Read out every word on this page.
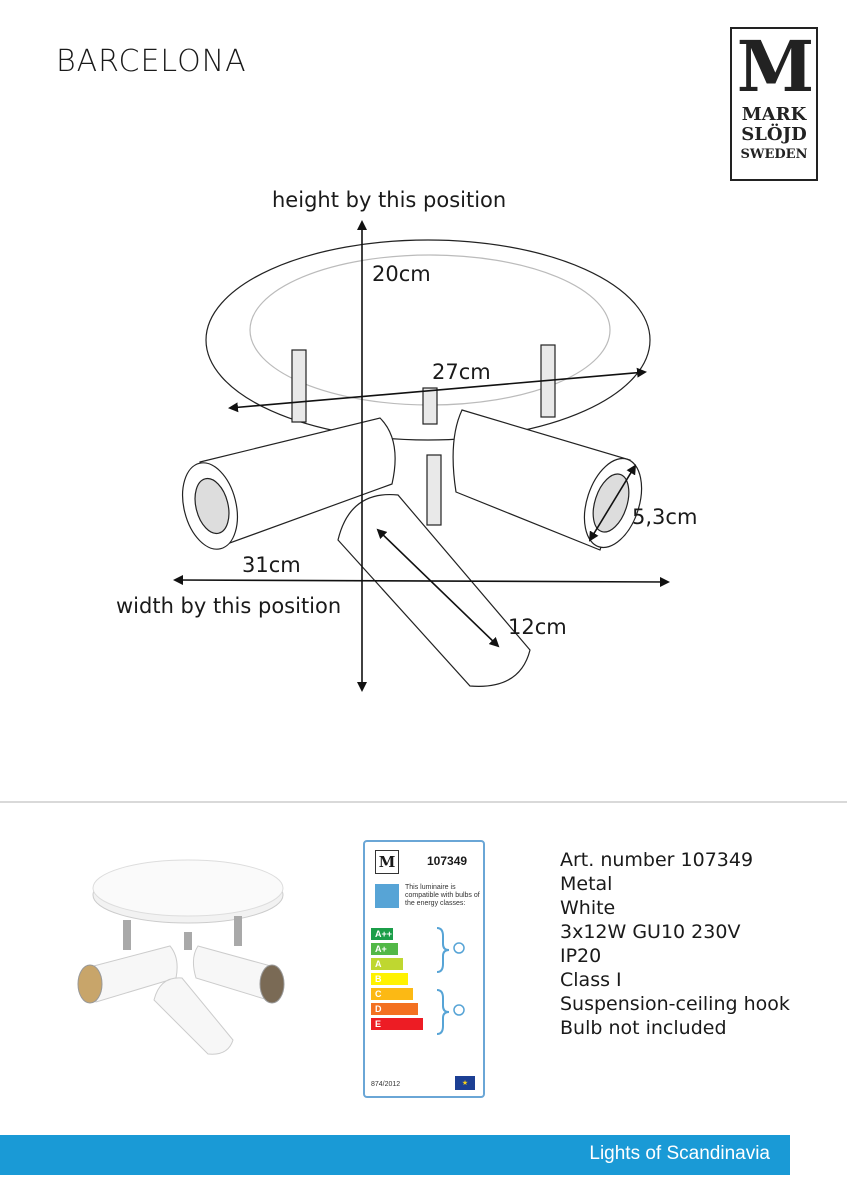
BARCELONA	M
MARK
SLÖJD
SWEDEN
height by this position
20cm
27cm
5,3cm
31cm
width by this position
12cm
M	107349
This luminaire is compatible with bulbs of the energy classes:
A++
A+
A
B
C
D
E
874/2012	★
Art. number 107349
Metal
White
3x12W GU10 230V
IP20
Class I
Suspension-ceiling hook
Bulb not included
Lights of Scandinavia
